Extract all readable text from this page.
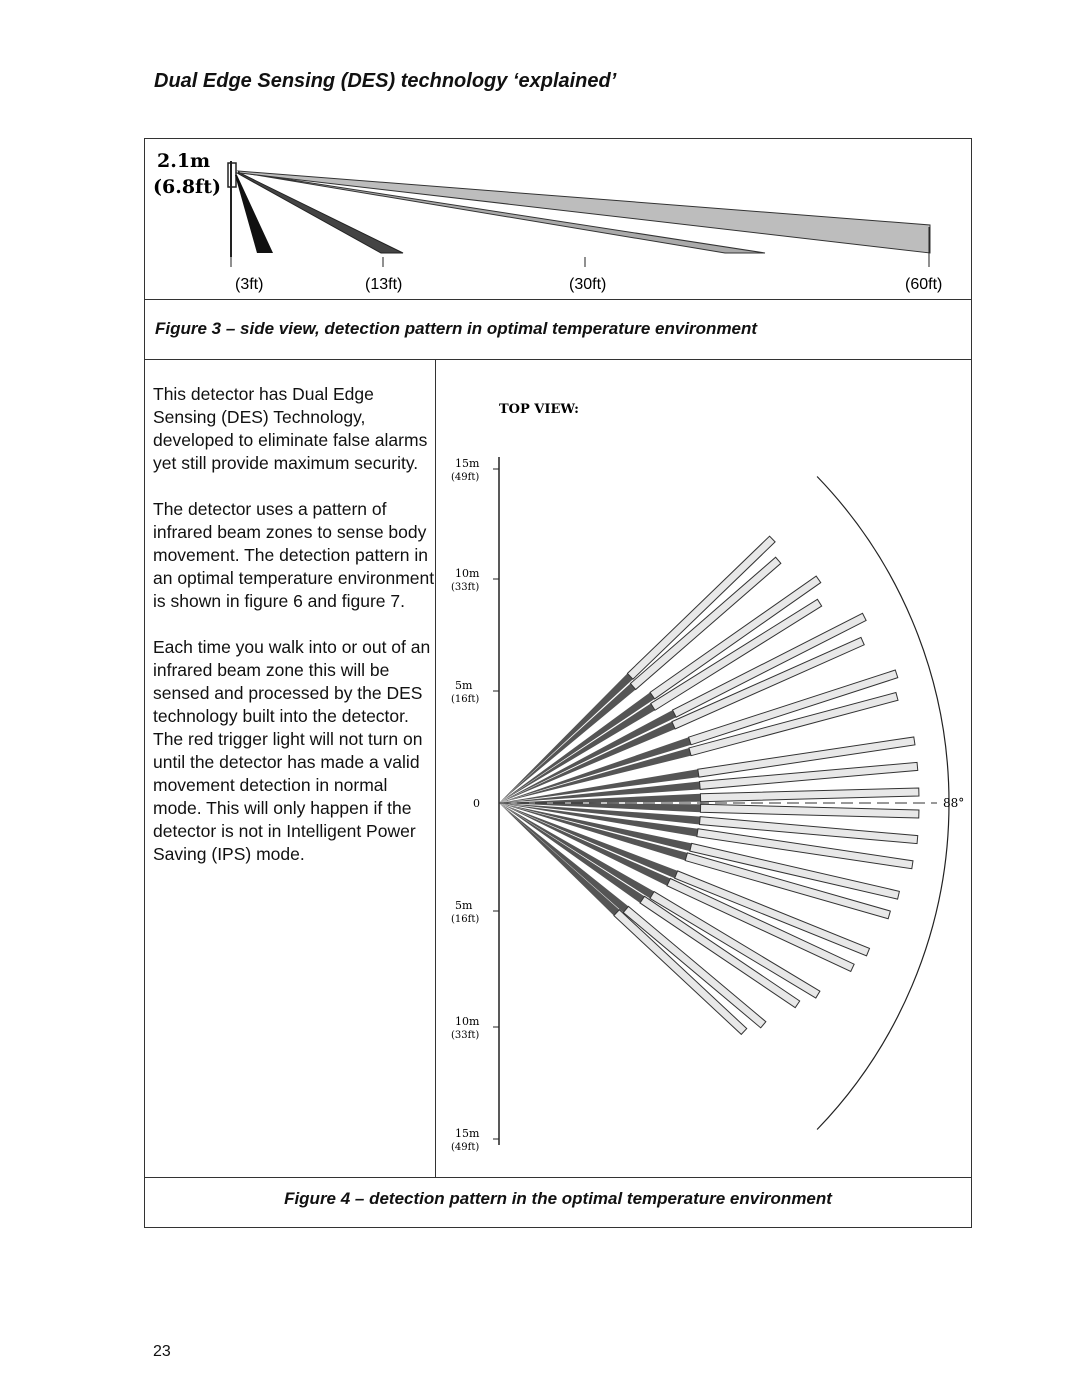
Dual Edge Sensing (DES) technology ‘explained’
2.1m
(6.8ft)
(3ft)	(13ft)	(30ft)	(60ft)
Figure 3 – side view, detection pattern in optimal temperature environment

This detector has Dual Edge Sensing (DES) Technology, developed to eliminate false alarms yet still provide maximum security.

The detector uses a pattern of infrared beam zones to sense body movement. The detection pattern in an optimal temperature environment is shown in figure 6 and figure 7.

Each time you walk into or out of an infrared beam zone this will be sensed and processed by the DES technology built into the detector. The red trigger light will not turn on until the detector has made a valid movement detection in normal mode. This will only happen if the detector is not in Intelligent Power Saving (IPS) mode.

TOP VIEW:
15m
(49ft)
10m
(33ft)
5m
(16ft)
0
5m
(16ft)
10m
(33ft)
15m
(49ft)
88°
Figure 4 – detection pattern in the optimal temperature environment
23
